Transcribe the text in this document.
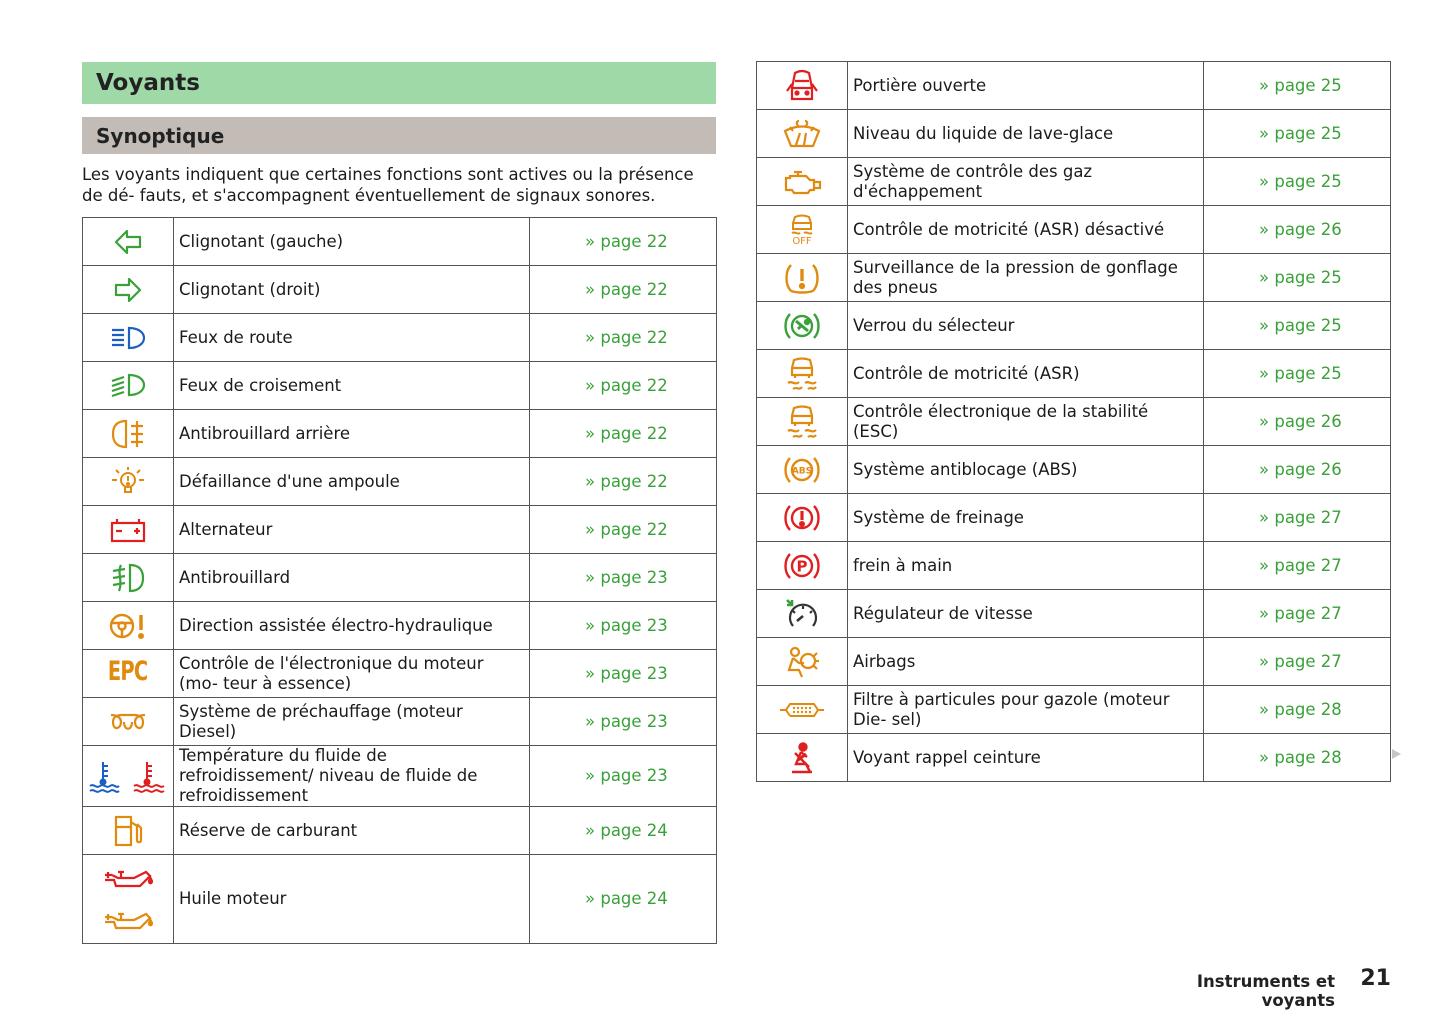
Voyants
Synoptique

Les voyants indiquent que certaines fonctions sont actives ou la présence de dé- fauts, et s'accompagnent éventuellement de signaux sonores.

	Clignotant (gauche)	» page 22

	Clignotant (droit)	» page 22

	Feux de route	» page 22

	Feux de croisement	» page 22

	Antibrouillard arrière	» page 22

	Défaillance d'une ampoule	» page 22

	Alternateur	» page 22

	Antibrouillard	» page 23

	Direction assistée électro-hydraulique	» page 23
EPC	Contrôle de l'électronique du moteur (mo- teur à essence)	» page 23

	Système de préchauffage (moteur Diesel)	» page 23

	Température du fluide de refroidissement/ niveau de fluide de refroidissement	» page 23

	Réserve de carburant	» page 24

	Huile moteur	» page 24
	Portière ouverte	» page 25

	Niveau du liquide de lave-glace	» page 25

	Système de contrôle des gaz d'échappement	» page 25

OFF	Contrôle de motricité (ASR) désactivé	» page 26

	Surveillance de la pression de gonflage des pneus	» page 25

	Verrou du sélecteur	» page 25

	Contrôle de motricité (ASR)	» page 25

	Contrôle électronique de la stabilité (ESC)	» page 26

ABS	Système antiblocage (ABS)	» page 26

	Système de freinage	» page 27

P	frein à main	» page 27

	Régulateur de vitesse	» page 27

	Airbags	» page 27

	Filtre à particules pour gazole (moteur Die- sel)	» page 28

	Voyant rappel ceinture	» page 28
Instruments et voyants
21
